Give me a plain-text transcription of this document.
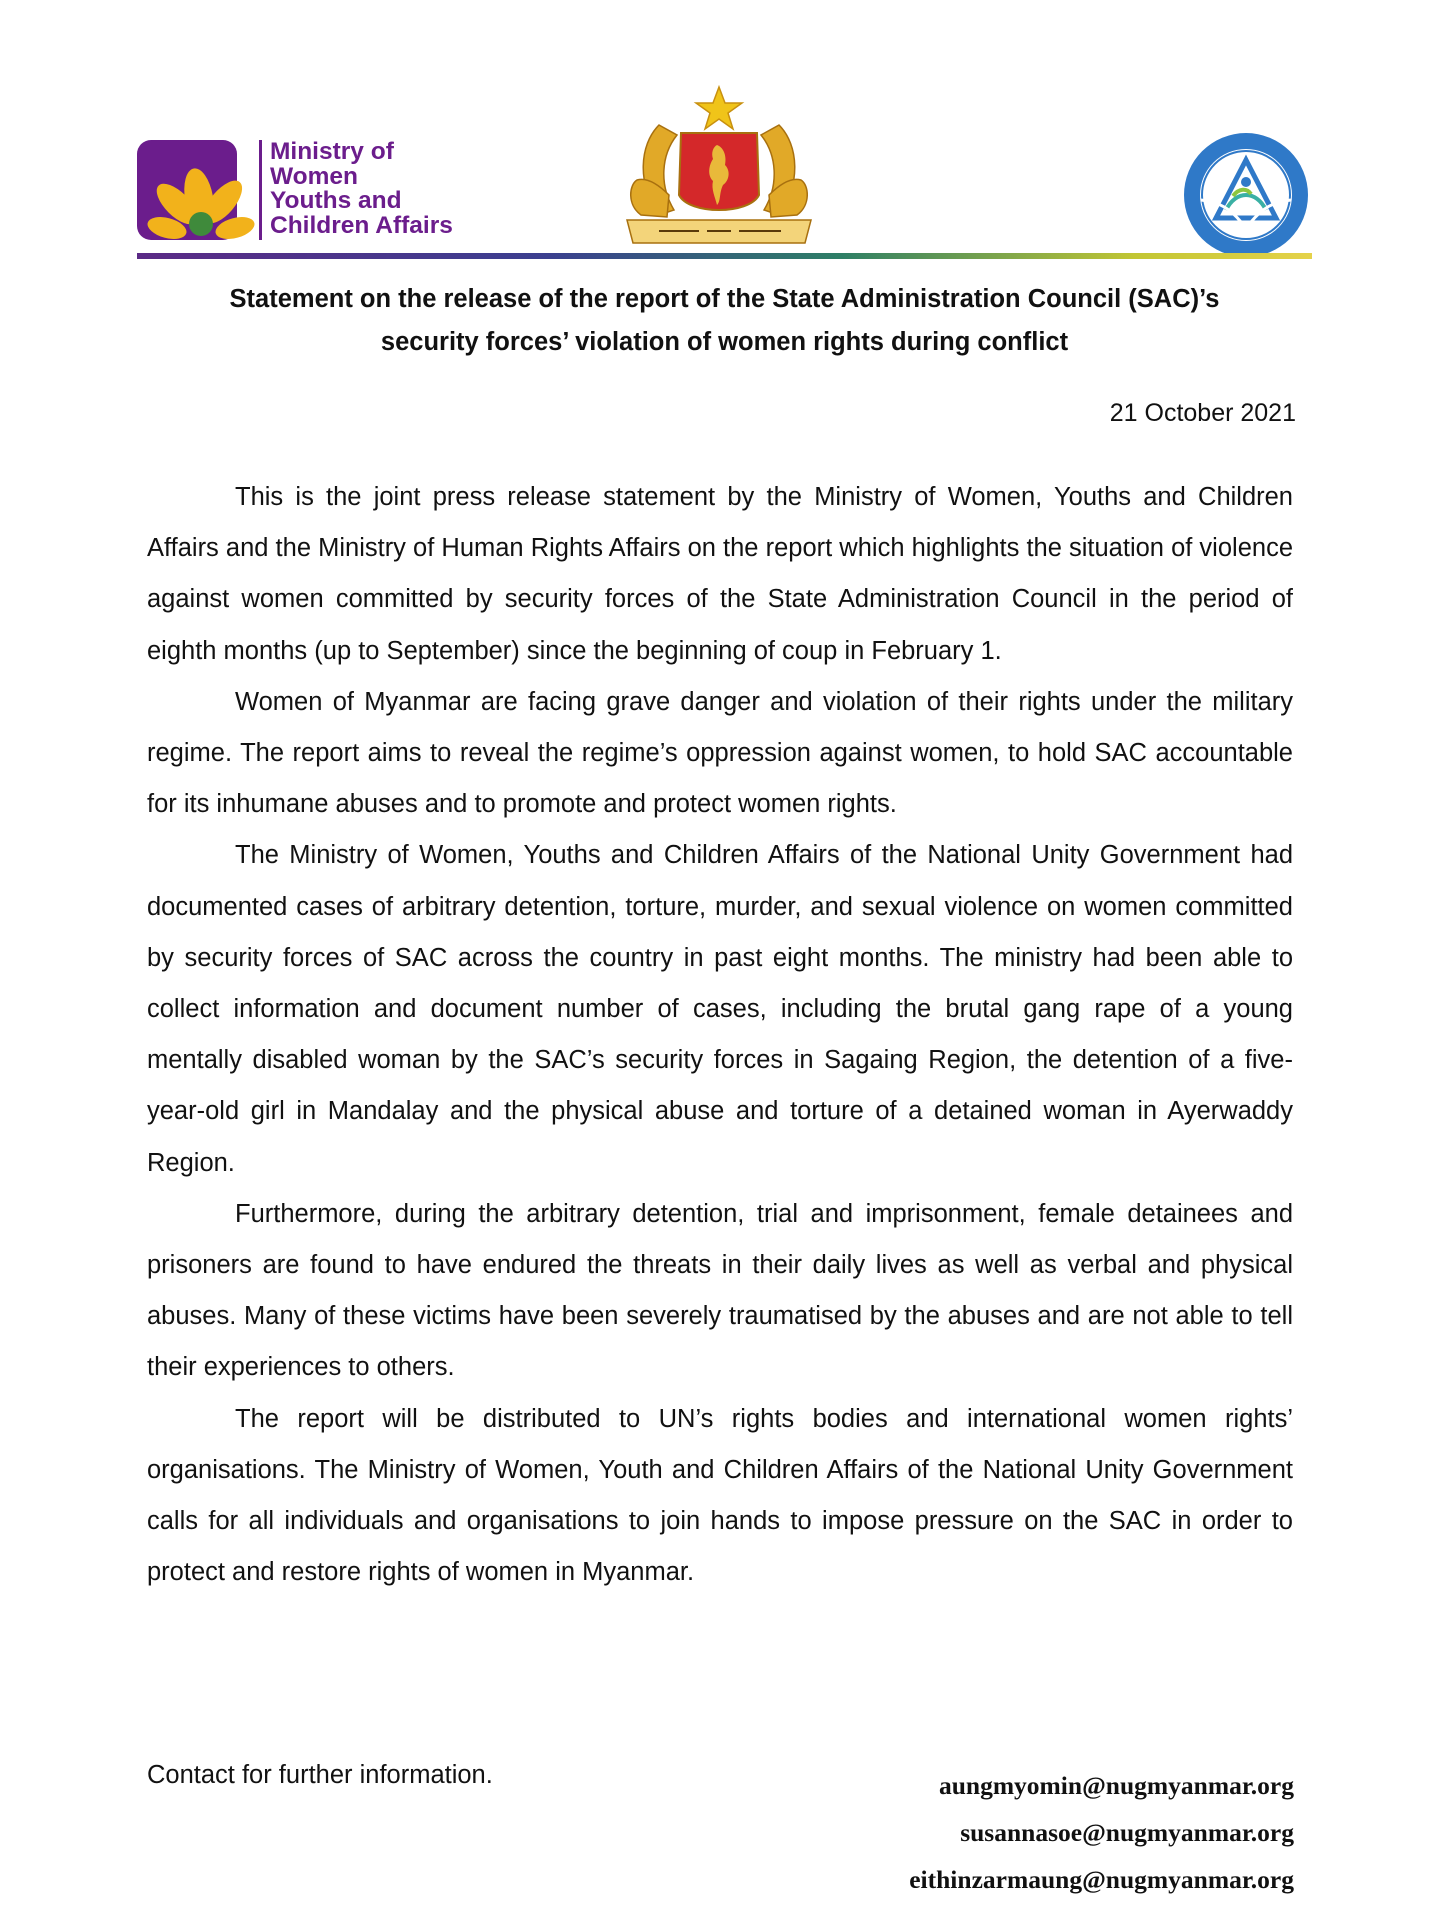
Ministry of
Women
Youths and
Children Affairs
Statement on the release of the report of the State Administration Council (SAC)’s
security forces’ violation of women rights during conflict
21 October 2021

This is the joint press release statement by the Ministry of Women, Youths and Children Affairs and the Ministry of Human Rights Affairs on the report which highlights the situation of violence against women committed by security forces of the State Administration Council in the period of eighth months (up to September) since the beginning of coup in February 1.

Women of Myanmar are facing grave danger and violation of their rights under the military regime. The report aims to reveal the regime’s oppression against women, to hold SAC accountable for its inhumane abuses and to promote and protect women rights.

The Ministry of Women, Youths and Children Affairs of the National Unity Government had documented cases of arbitrary detention, torture, murder, and sexual violence on women committed by security forces of SAC across the country in past eight months. The ministry had been able to collect information and document number of cases, including the brutal gang rape of a young mentally disabled woman by the SAC’s security forces in Sagaing Region, the detention of a five-year-old girl in Mandalay and the physical abuse and torture of a detained woman in Ayerwaddy Region.

Furthermore, during the arbitrary detention, trial and imprisonment, female detainees and prisoners are found to have endured the threats in their daily lives as well as verbal and physical abuses. Many of these victims have been severely traumatised by the abuses and are not able to tell their experiences to others.

The report will be distributed to UN’s rights bodies and international women rights’ organisations. The Ministry of Women, Youth and Children Affairs of the National Unity Government calls for all individuals and organisations to join hands to impose pressure on the SAC in order to protect and restore rights of women in Myanmar.

Contact for further information.	aungmyomin@nugmyanmar.org
susannasoe@nugmyanmar.org
eithinzarmaung@nugmyanmar.org
